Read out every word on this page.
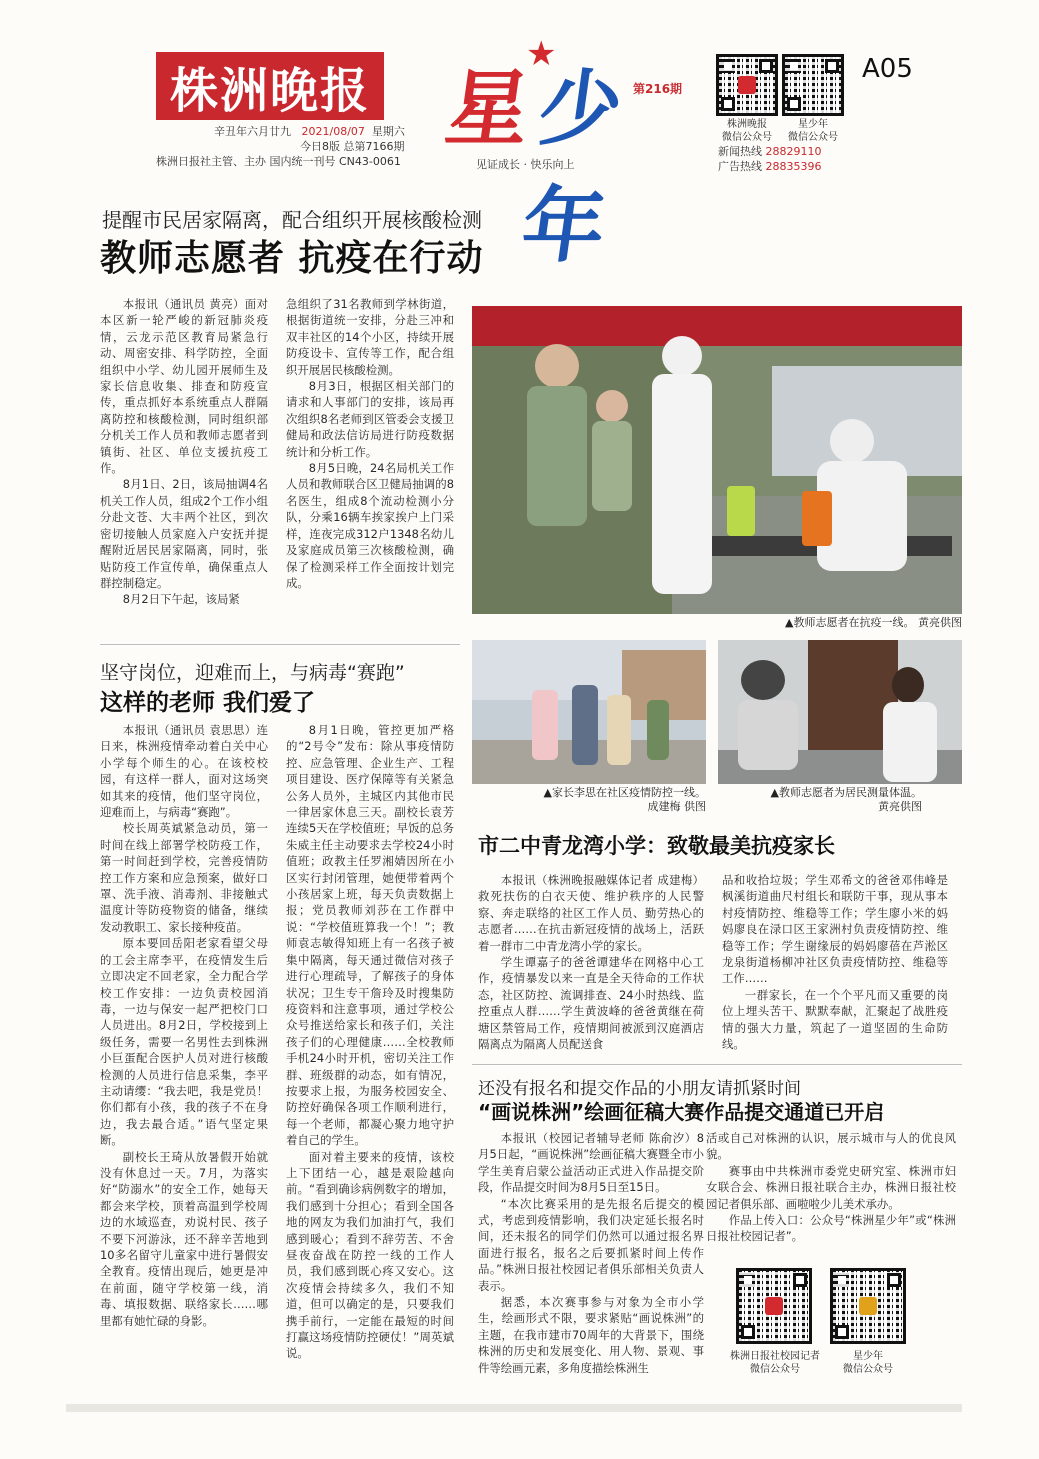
株洲晚报
辛丑年六月廿九 2021/08/07 星期六
今日8版 总第7166期
株洲日报社主管、主办 国内统一刊号 CN43-0061
★
星 少年
第216期
见证成长 · 快乐向上
株洲晚报
微信公众号
星少年
微信公众号
新闻热线 28829110
广告热线 28835396
A05
提醒市民居家隔离，配合组织开展核酸检测
教师志愿者 抗疫在行动

本报讯（通讯员 黄亮）面对本区新一轮严峻的新冠肺炎疫情，云龙示范区教育局紧急行动、周密安排、科学防控，全面组织中小学、幼儿园开展师生及家长信息收集、排查和防疫宣传，重点抓好本系统重点人群隔离防控和核酸检测，同时组织部分机关工作人员和教师志愿者到镇街、社区、单位支援抗疫工作。

8月1日、2日，该局抽调4名机关工作人员，组成2个工作小组分赴文苍、大丰两个社区，到次密切接触人员家庭入户安抚并提醒附近居民居家隔离，同时，张贴防疫工作宣传单，确保重点人群控制稳定。

8月2日下午起，该局紧

急组织了31名教师到学林街道，根据街道统一安排，分赴三冲和双丰社区的14个小区，持续开展防疫设卡、宣传等工作，配合组织开展居民核酸检测。

8月3日，根据区相关部门的请求和人事部门的安排，该局再次组织8名老师到区管委会支援卫健局和政法信访局进行防疫数据统计和分析工作。

8月5日晚，24名局机关工作人员和教师联合区卫健局抽调的8名医生，组成8个流动检测小分队，分乘16辆车挨家挨户上门采样，连夜完成312户1348名幼儿及家庭成员第三次核酸检测，确保了检测采样工作全面按计划完成。

▲教师志愿者在抗疫一线。 黄亮供图
坚守岗位，迎难而上，与病毒“赛跑”
这样的老师 我们爱了

本报讯（通讯员 袁思思）连日来，株洲疫情牵动着白关中心小学每个师生的心。在该校校园，有这样一群人，面对这场突如其来的疫情，他们坚守岗位，迎难而上，与病毒“赛跑”。

校长周英斌紧急动员，第一时间在线上部署学校防疫工作，第一时间赶到学校，完善疫情防控工作方案和应急预案，做好口罩、洗手液、消毒剂、非接触式温度计等防疫物资的储备，继续发动教职工、家长接种疫苗。

原本要回岳阳老家看望父母的工会主席李平，在疫情发生后立即决定不回老家，全力配合学校工作安排：一边负责校园消毒，一边与保安一起严把校门口人员进出。8月2日，学校接到上级任务，需要一名男性去到株洲小巨蛋配合医护人员对进行核酸检测的人员进行信息采集，李平主动请缨：“我去吧，我是党员！你们都有小孩，我的孩子不在身边，我去最合适。”语气坚定果断。

副校长王琦从放暑假开始就没有休息过一天。7月，为落实好“防溺水”的安全工作，她每天都会来学校，顶着高温到学校周边的水域巡查，劝说村民、孩子不要下河游泳，还不辞辛苦地到10多名留守儿童家中进行暑假安全教育。疫情出现后，她更是冲在前面，随守学校第一线，消毒、填报数据、联络家长……哪里都有她忙碌的身影。

8月1日晚，管控更加严格的“2号令”发布：除从事疫情防控、应急管理、企业生产、工程项目建设、医疗保障等有关紧急公务人员外，主城区内其他市民一律居家休息三天。副校长袁芳连续5天在学校值班；早饭的总务朱威主任主动要求去学校24小时值班；政教主任罗湘婧因所在小区实行封闭管理，她便带着两个小孩居家上班，每天负责数据上报；党员教师刘莎在工作群中说：“学校值班算我一个！”；教师袁志敏得知班上有一名孩子被集中隔离，每天通过微信对孩子进行心理疏导，了解孩子的身体状况；卫生专干詹玲及时搜集防疫资料和注意事项，通过学校公众号推送给家长和孩子们，关注孩子们的心理健康……全校教师手机24小时开机，密切关注工作群、班级群的动态，如有情况，按要求上报，为服务校园安全、防控好确保各项工作顺利进行，每一个老师，都凝心聚力地守护着自己的学生。

面对着主要来的疫情，该校上下团结一心，越是艰险越向前。“看到确诊病例数字的增加，我们感到十分担心；看到全国各地的网友为我们加油打气，我们感到暖心；看到不辞劳苦、不舍昼夜奋战在防控一线的工作人员，我们感到既心疼又安心。这次疫情会持续多久，我们不知道，但可以确定的是，只要我们携手前行，一定能在最短的时间打赢这场疫情防控硬仗！”周英斌说。

▲家长李思在社区疫情防控一线。
成建梅 供图
▲教师志愿者为居民测量体温。
黄亮供图
市二中青龙湾小学：致敬最美抗疫家长

本报讯（株洲晚报融媒体记者 成建梅）救死扶伤的白衣天使、维护秩序的人民警察、奔走联络的社区工作人员、勤劳热心的志愿者……在抗击新冠疫情的战场上，活跃着一群市二中青龙湾小学的家长。

学生谭嘉子的爸爸谭建华在网格中心工作，疫情暴发以来一直是全天待命的工作状态，社区防控、流调排查、24小时热线、监控重点人群……学生黄波峰的爸爸黄继在荷塘区禁管局工作，疫情期间被派到汉庭酒店隔离点为隔离人员配送食

品和收拾垃圾；学生邓希文的爸爸邓伟峰是枫溪街道曲尺村组长和联防干事，现从事本村疫情防控、维稳等工作；学生廖小米的妈妈廖良在渌口区王家洲村负责疫情防控、维稳等工作；学生谢缘辰的妈妈廖蓓在芦淞区龙泉街道杨柳冲社区负责疫情防控、维稳等工作……

一群家长，在一个个平凡而又重要的岗位上埋头苦干、默默奉献，汇聚起了战胜疫情的强大力量，筑起了一道坚固的生命防线。

还没有报名和提交作品的小朋友请抓紧时间
“画说株洲”绘画征稿大赛作品提交通道已开启

本报讯（校园记者辅导老师 陈俞汐）8月5日起，“画说株洲”绘画征稿大赛暨全市小学生美育启蒙公益活动正式进入作品提交阶段，作品提交时间为8月5日至15日。

“本次比赛采用的是先报名后提交的模式，考虑到疫情影响，我们决定延长报名时间，还未报名的同学们仍然可以通过报名界面进行报名，报名之后要抓紧时间上传作品。”株洲日报社校园记者俱乐部相关负责人表示。

据悉，本次赛事参与对象为全市小学生，绘画形式不限，要求紧贴“画说株洲”的主题，在我市建市70周年的大背景下，围绕株洲的历史和发展变化、用人物、景观、事件等绘画元素，多角度描绘株洲生

活或自己对株洲的认识，展示城市与人的优良风貌。

赛事由中共株洲市委党史研究室、株洲市妇女联合会、株洲日报社联合主办，株洲日报社校园记者俱乐部、画啦啦少儿美术承办。

作品上传入口：公众号“株洲星少年”或“株洲日报社校园记者”。

株洲日报社校园记者
微信公众号
星少年
微信公众号
